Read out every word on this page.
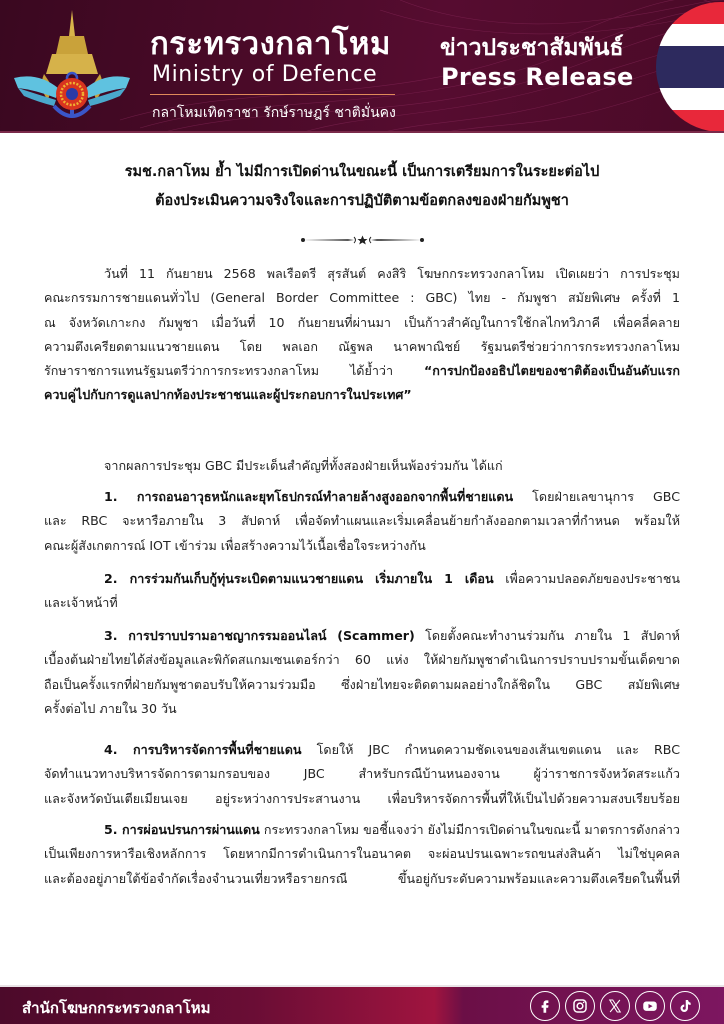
กระทรวงกลาโหม
Ministry of Defence
กลาโหมเทิดราชา รักษ์ราษฎร์ ชาติมั่นคง
ข่าวประชาสัมพันธ์
Press Release
รมช.กลาโหม ย้ำ ไม่มีการเปิดด่านในขณะนี้ เป็นการเตรียมการในระยะต่อไป
ต้องประเมินความจริงใจและการปฏิบัติตามข้อตกลงของฝ่ายกัมพูชา
วันที่ 11 กันยายน 2568 พลเรือตรี สุรสันต์ คงสิริ โฆษกกระทรวงกลาโหม เปิดเผยว่า การประชุม
คณะกรรมการชายแดนทั่วไป (General Border Committee : GBC) ไทย - กัมพูชา สมัยพิเศษ ครั้งที่ 1
ณ จังหวัดเกาะกง กัมพูชา เมื่อวันที่ 10 กันยายนที่ผ่านมา เป็นก้าวสำคัญในการใช้กลไกทวิภาคี เพื่อคลี่คลาย
ความตึงเครียดตามแนวชายแดน โดย พลเอก ณัฐพล นาคพาณิชย์ รัฐมนตรีช่วยว่าการกระทรวงกลาโหม
รักษาราชการแทนรัฐมนตรีว่าการกระทรวงกลาโหม ได้ย้ำว่า “การปกป้องอธิปไตยของชาติต้องเป็นอันดับแรก
ควบคู่ไปกับการดูแลปากท้องประชาชนและผู้ประกอบการในประเทศ”
จากผลการประชุม GBC มีประเด็นสำคัญที่ทั้งสองฝ่ายเห็นพ้องร่วมกัน ได้แก่
1. การถอนอาวุธหนักและยุทโธปกรณ์ทำลายล้างสูงออกจากพื้นที่ชายแดน โดยฝ่ายเลขานุการ GBC
และ RBC จะหารือภายใน 3 สัปดาห์ เพื่อจัดทำแผนและเริ่มเคลื่อนย้ายกำลังออกตามเวลาที่กำหนด พร้อมให้
คณะผู้สังเกตการณ์ IOT เข้าร่วม เพื่อสร้างความไว้เนื้อเชื่อใจระหว่างกัน
2. การร่วมกันเก็บกู้ทุ่นระเบิดตามแนวชายแดน เริ่มภายใน 1 เดือน เพื่อความปลอดภัยของประชาชน
และเจ้าหน้าที่
3. การปราบปรามอาชญากรรมออนไลน์ (Scammer) โดยตั้งคณะทำงานร่วมกัน ภายใน 1 สัปดาห์
เบื้องต้นฝ่ายไทยได้ส่งข้อมูลและพิกัดสแกมเซนเตอร์กว่า 60 แห่ง ให้ฝ่ายกัมพูชาดำเนินการปราบปรามขั้นเด็ดขาด
ถือเป็นครั้งแรกที่ฝ่ายกัมพูชาตอบรับให้ความร่วมมือ ซึ่งฝ่ายไทยจะติดตามผลอย่างใกล้ชิดใน GBC สมัยพิเศษ
ครั้งต่อไป ภายใน 30 วัน
4. การบริหารจัดการพื้นที่ชายแดน โดยให้ JBC กำหนดความชัดเจนของเส้นเขตแดน และ RBC
จัดทำแนวทางบริหารจัดการตามกรอบของ JBC สำหรับกรณีบ้านหนองจาน ผู้ว่าราชการจังหวัดสระแก้ว
และจังหวัดบันเตียเมียนเจย อยู่ระหว่างการประสานงาน เพื่อบริหารจัดการพื้นที่ให้เป็นไปด้วยความสงบเรียบร้อย
5. การผ่อนปรนการผ่านแดน กระทรวงกลาโหม ขอชี้แจงว่า ยังไม่มีการเปิดด่านในขณะนี้ มาตรการดังกล่าว
เป็นเพียงการหารือเชิงหลักการ โดยหากมีการดำเนินการในอนาคต จะผ่อนปรนเฉพาะรถขนส่งสินค้า ไม่ใช่บุคคล
และต้องอยู่ภายใต้ข้อจำกัดเรื่องจำนวนเที่ยวหรือรายกรณี ขึ้นอยู่กับระดับความพร้อมและความตึงเครียดในพื้นที่
สำนักโฆษกกระทรวงกลาโหม
